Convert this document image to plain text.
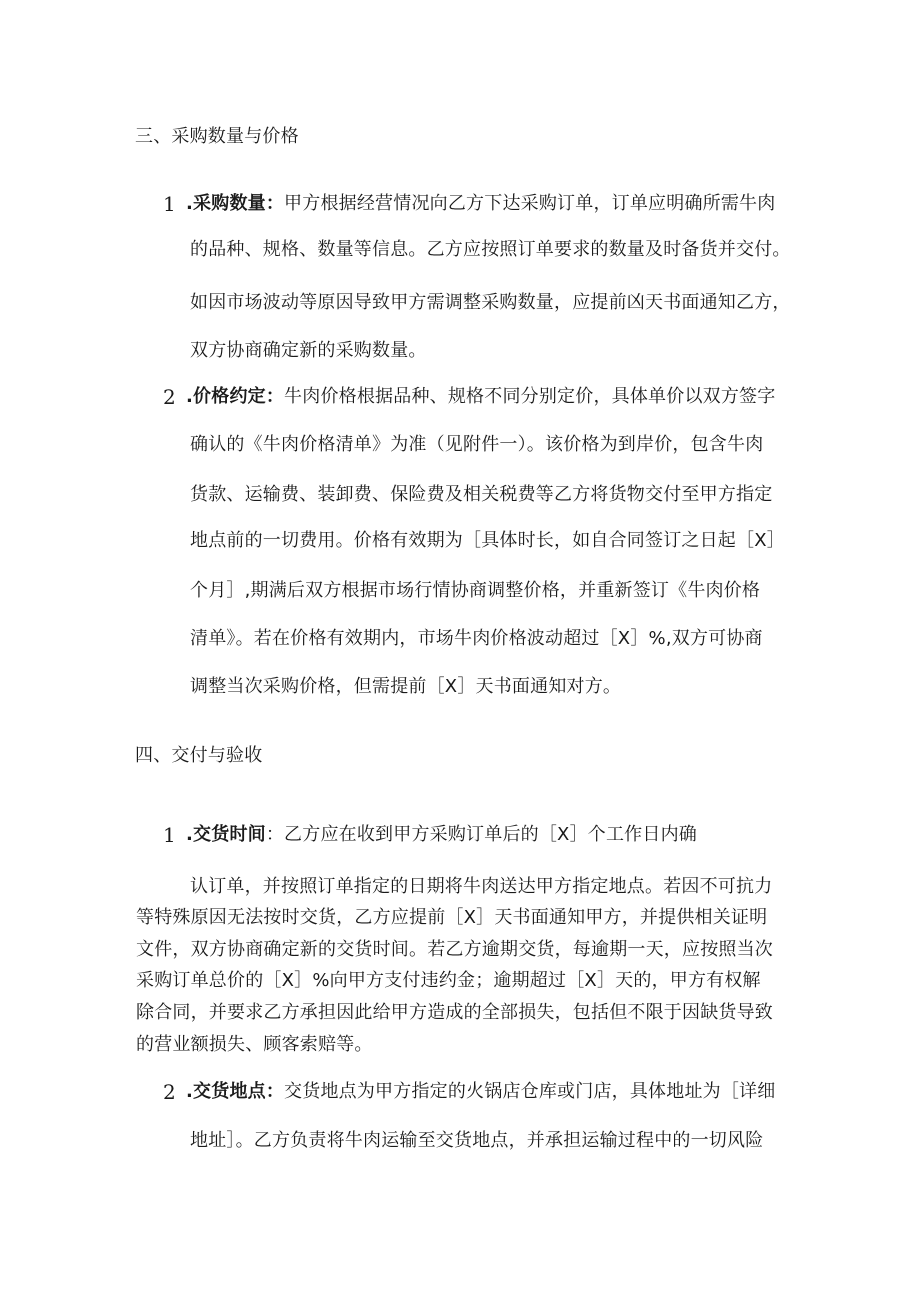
三、采购数量与价格
1 .采购数量：甲方根据经营情况向乙方下达采购订单，订单应明确所需牛肉
的品种、规格、数量等信息。乙方应按照订单要求的数量及时备货并交付。
如因市场波动等原因导致甲方需调整采购数量，应提前凶天书面通知乙方，
双方协商确定新的采购数量。
2 .价格约定：牛肉价格根据品种、规格不同分别定价，具体单价以双方签字
确认的《牛肉价格清单》为准（见附件一）。该价格为到岸价，包含牛肉
货款、运输费、装卸费、保险费及相关税费等乙方将货物交付至甲方指定
地点前的一切费用。价格有效期为［具体时长，如自合同签订之日起［X］
个月］,期满后双方根据市场行情协商调整价格，并重新签订《牛肉价格
清单》。若在价格有效期内，市场牛肉价格波动超过［X］%,双方可协商
调整当次采购价格，但需提前［X］天书面通知对方。
四、交付与验收
1 .交货时间：乙方应在收到甲方采购订单后的［X］个工作日内确
认订单，并按照订单指定的日期将牛肉送达甲方指定地点。若因不可抗力
等特殊原因无法按时交货，乙方应提前［X］天书面通知甲方，并提供相关证明
文件，双方协商确定新的交货时间。若乙方逾期交货，每逾期一天，应按照当次
采购订单总价的［X］%向甲方支付违约金；逾期超过［X］天的，甲方有权解
除合同，并要求乙方承担因此给甲方造成的全部损失，包括但不限于因缺货导致
的营业额损失、顾客索赔等。
2 .交货地点：交货地点为甲方指定的火锅店仓库或门店，具体地址为［详细
地址］。乙方负责将牛肉运输至交货地点，并承担运输过程中的一切风险
